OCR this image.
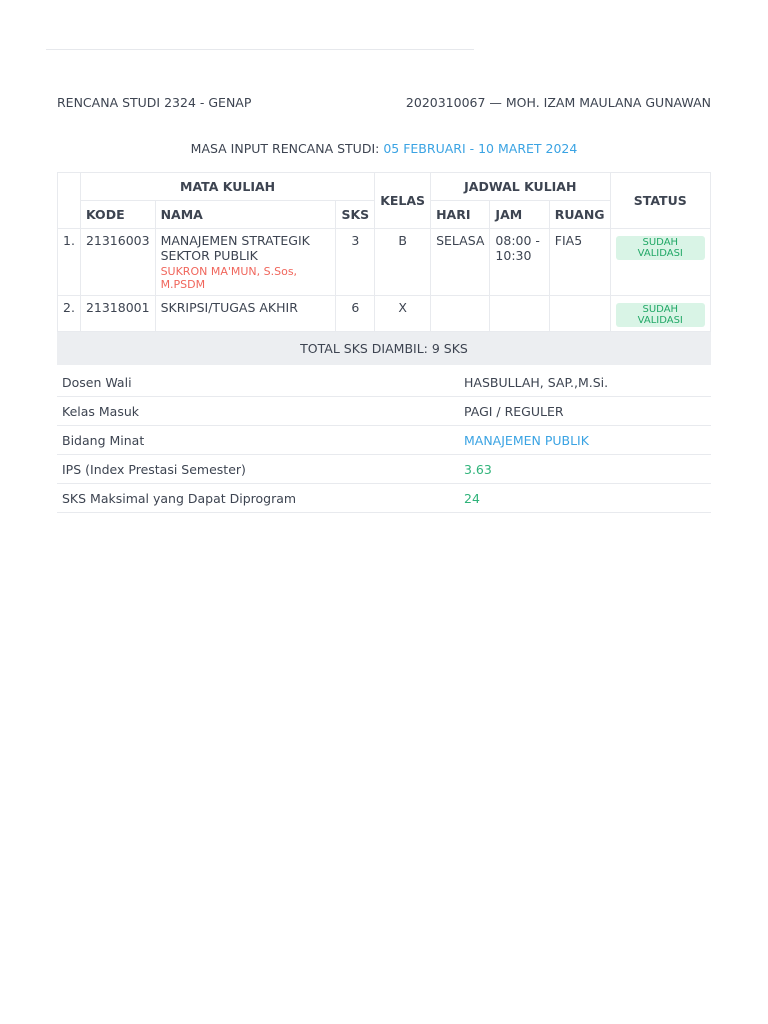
RENCANA STUDI 2324 - GENAP	2020310067 — MOH. IZAM MAULANA GUNAWAN
MASA INPUT RENCANA STUDI: 05 FEBRUARI - 10 MARET 2024
	MATA KULIAH			KELAS	JADWAL KULIAH			STATUS
	KODE	NAMA	SKS		HARI	JAM	RUANG	
1.	21316003	MANAJEMEN STRATEGIK SEKTOR PUBLIK
SUKRON MA'MUN, S.Sos, M.PSDM	3	B	SELASA	08:00 - 10:30	FIA5	SUDAH VALIDASI
2.	21318001	SKRIPSI/TUGAS AKHIR	6	X				SUDAH VALIDASI
TOTAL SKS DIAMBIL: 9 SKS								
Dosen Wali	HASBULLAH, SAP.,M.Si.
Kelas Masuk	PAGI / REGULER
Bidang Minat	MANAJEMEN PUBLIK
IPS (Index Prestasi Semester)	3.63
SKS Maksimal yang Dapat Diprogram	24
